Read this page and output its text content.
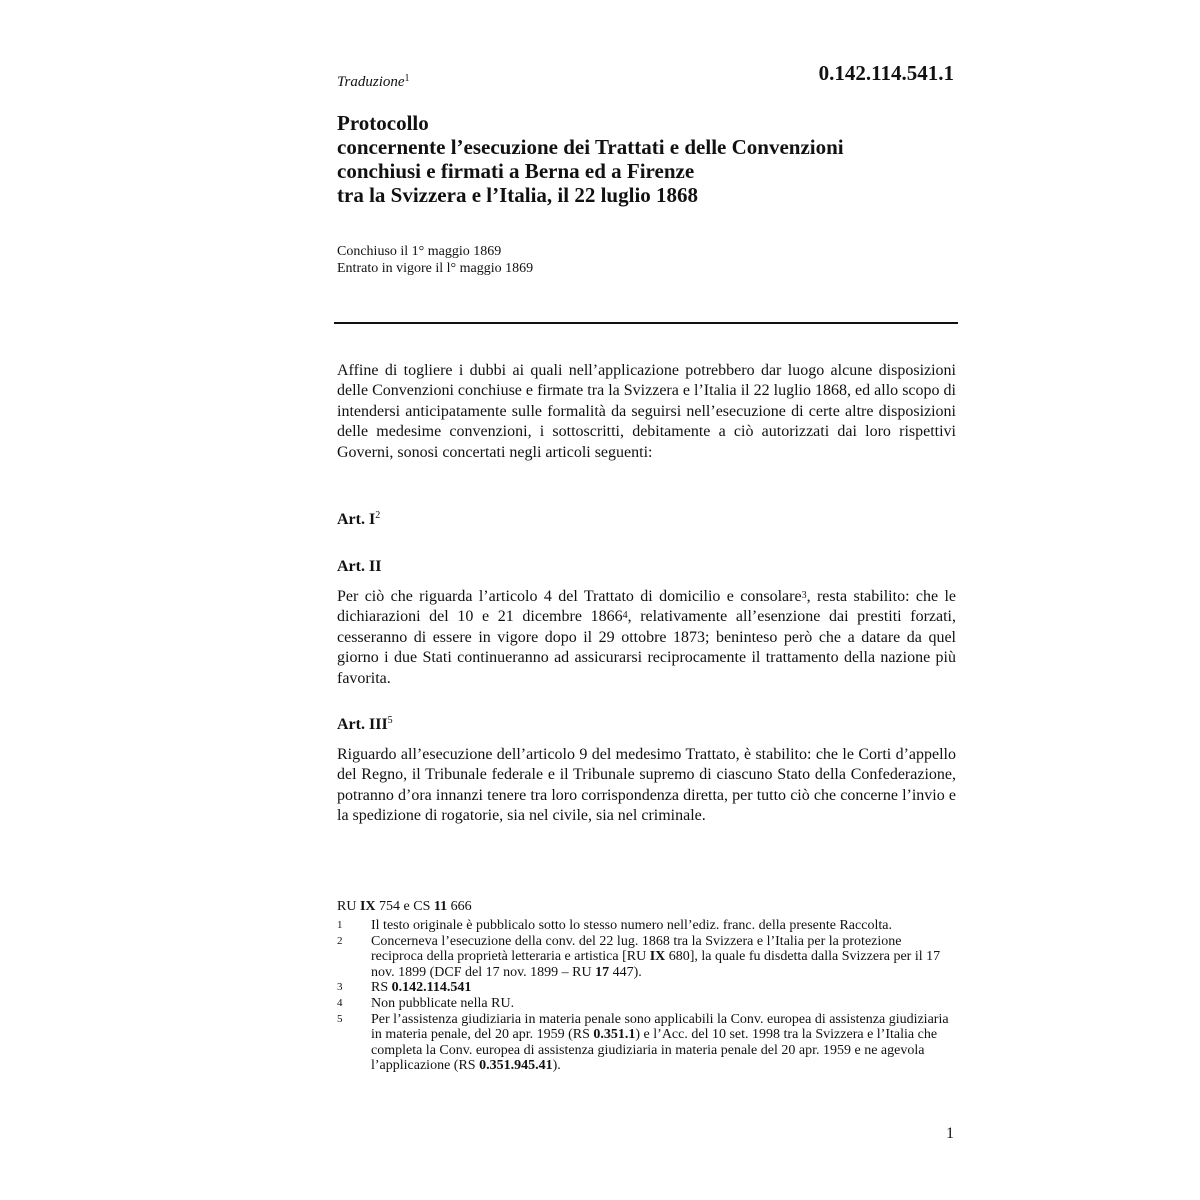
Traduzione$^1$	0.142.114.541.1
Protocollo
concernente l’esecuzione dei Trattati e delle Convenzioni
conchiusi e firmati a Berna ed a Firenze
tra la Svizzera e l’Italia, il 22 luglio 1868
Conchiuso il 1° maggio 1869
Entrato in vigore il l° maggio 1869
Affine di togliere i dubbi ai quali nell’applicazione potrebbero dar luogo alcune disposizioni delle Convenzioni conchiuse e firmate tra la Svizzera e l’Italia il 22 luglio 1868, ed allo scopo di intendersi anticipatamente sulle formalità da seguirsi nell’esecuzione di certe altre disposizioni delle medesime convenzioni, i sottoscritti, debitamente a ciò autorizzati dai loro rispettivi Governi, sonosi concertati negli articoli seguenti:
Art. $I^2$
Art. II
Per ciò che riguarda l’articolo 4 del Trattato di domicilio e consolare$^3$, resta stabilito: che le dichiarazioni del 10 e 21 dicembre 1866$^4$, relativamente all’esenzione dai prestiti forzati, cesseranno di essere in vigore dopo il 29 ottobre 1873; beninteso però che a datare da quel giorno i due Stati continueranno ad assicurarsi reciprocamente il trattamento della nazione più favorita.
Art. III$^5$
Riguardo all’esecuzione dell’articolo 9 del medesimo Trattato, è stabilito: che le Corti d’appello del Regno, il Tribunale federale e il Tribunale supremo di ciascuno Stato della Confederazione, potranno d’ora innanzi tenere tra loro corrispondenza diretta, per tutto ciò che concerne l’invio e la spedizione di rogatorie, sia nel civile, sia nel criminale.
RU IX 754 e CS 11 666
1	Il testo originale è pubblicalo sotto lo stesso numero nell’ediz. franc. della presente Raccolta.
2	Concerneva l’esecuzione della conv. del 22 lug. 1868 tra la Svizzera e l’Italia per la protezione reciproca della proprietà letteraria e artistica [RU IX 680], la quale fu disdetta dalla Svizzera per il 17 nov. 1899 (DCF del 17 nov. 1899 – RU 17 447).
3	RS 0.142.114.541
4	Non pubblicate nella RU.
5	Per l’assistenza giudiziaria in materia penale sono applicabili la Conv. europea di assistenza giudiziaria in materia penale, del 20 apr. 1959 (RS 0.351.1) e l’Acc. del 10 set. 1998 tra la Svizzera e l’Italia che completa la Conv. europea di assistenza giudiziaria in materia penale del 20 apr. 1959 e ne agevola l’applicazione (RS 0.351.945.41).
1
